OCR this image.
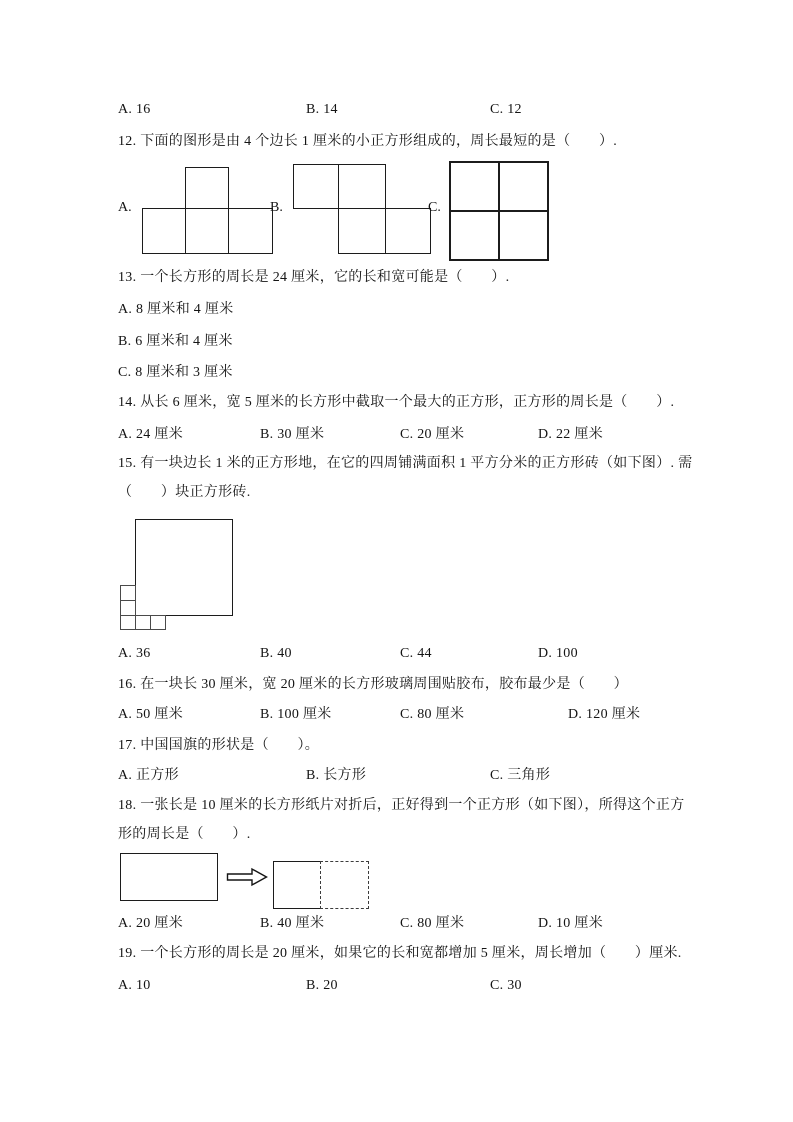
A. 16	B. 14	C. 12
12. 下面的图形是由 4 个边长 1 厘米的小正方形组成的，周长最短的是（　　）.
A.	B.	C.
13. 一个长方形的周长是 24 厘米，它的长和宽可能是（　　）.
A. 8 厘米和 4 厘米
B. 6 厘米和 4 厘米
C. 8 厘米和 3 厘米
14. 从长 6 厘米，宽 5 厘米的长方形中截取一个最大的正方形，正方形的周长是（　　）.
A. 24 厘米	B. 30 厘米	C. 20 厘米	D. 22 厘米
15. 有一块边长 1 米的正方形地，在它的四周铺满面积 1 平方分米的正方形砖（如下图）. 需
（　　）块正方形砖.
A. 36	B. 40	C. 44	D. 100
16. 在一块长 30 厘米，宽 20 厘米的长方形玻璃周围贴胶布，胶布最少是（　　）
A. 50 厘米	B. 100 厘米	C. 80 厘米	D. 120 厘米
17. 中国国旗的形状是（　　）。
A. 正方形	B. 长方形	C. 三角形
18. 一张长是 10 厘米的长方形纸片对折后，正好得到一个正方形（如下图），所得这个正方
形的周长是（　　）.
A. 20 厘米	B. 40 厘米	C. 80 厘米	D. 10 厘米
19. 一个长方形的周长是 20 厘米，如果它的长和宽都增加 5 厘米，周长增加（　　）厘米.
A. 10	B. 20	C. 30
